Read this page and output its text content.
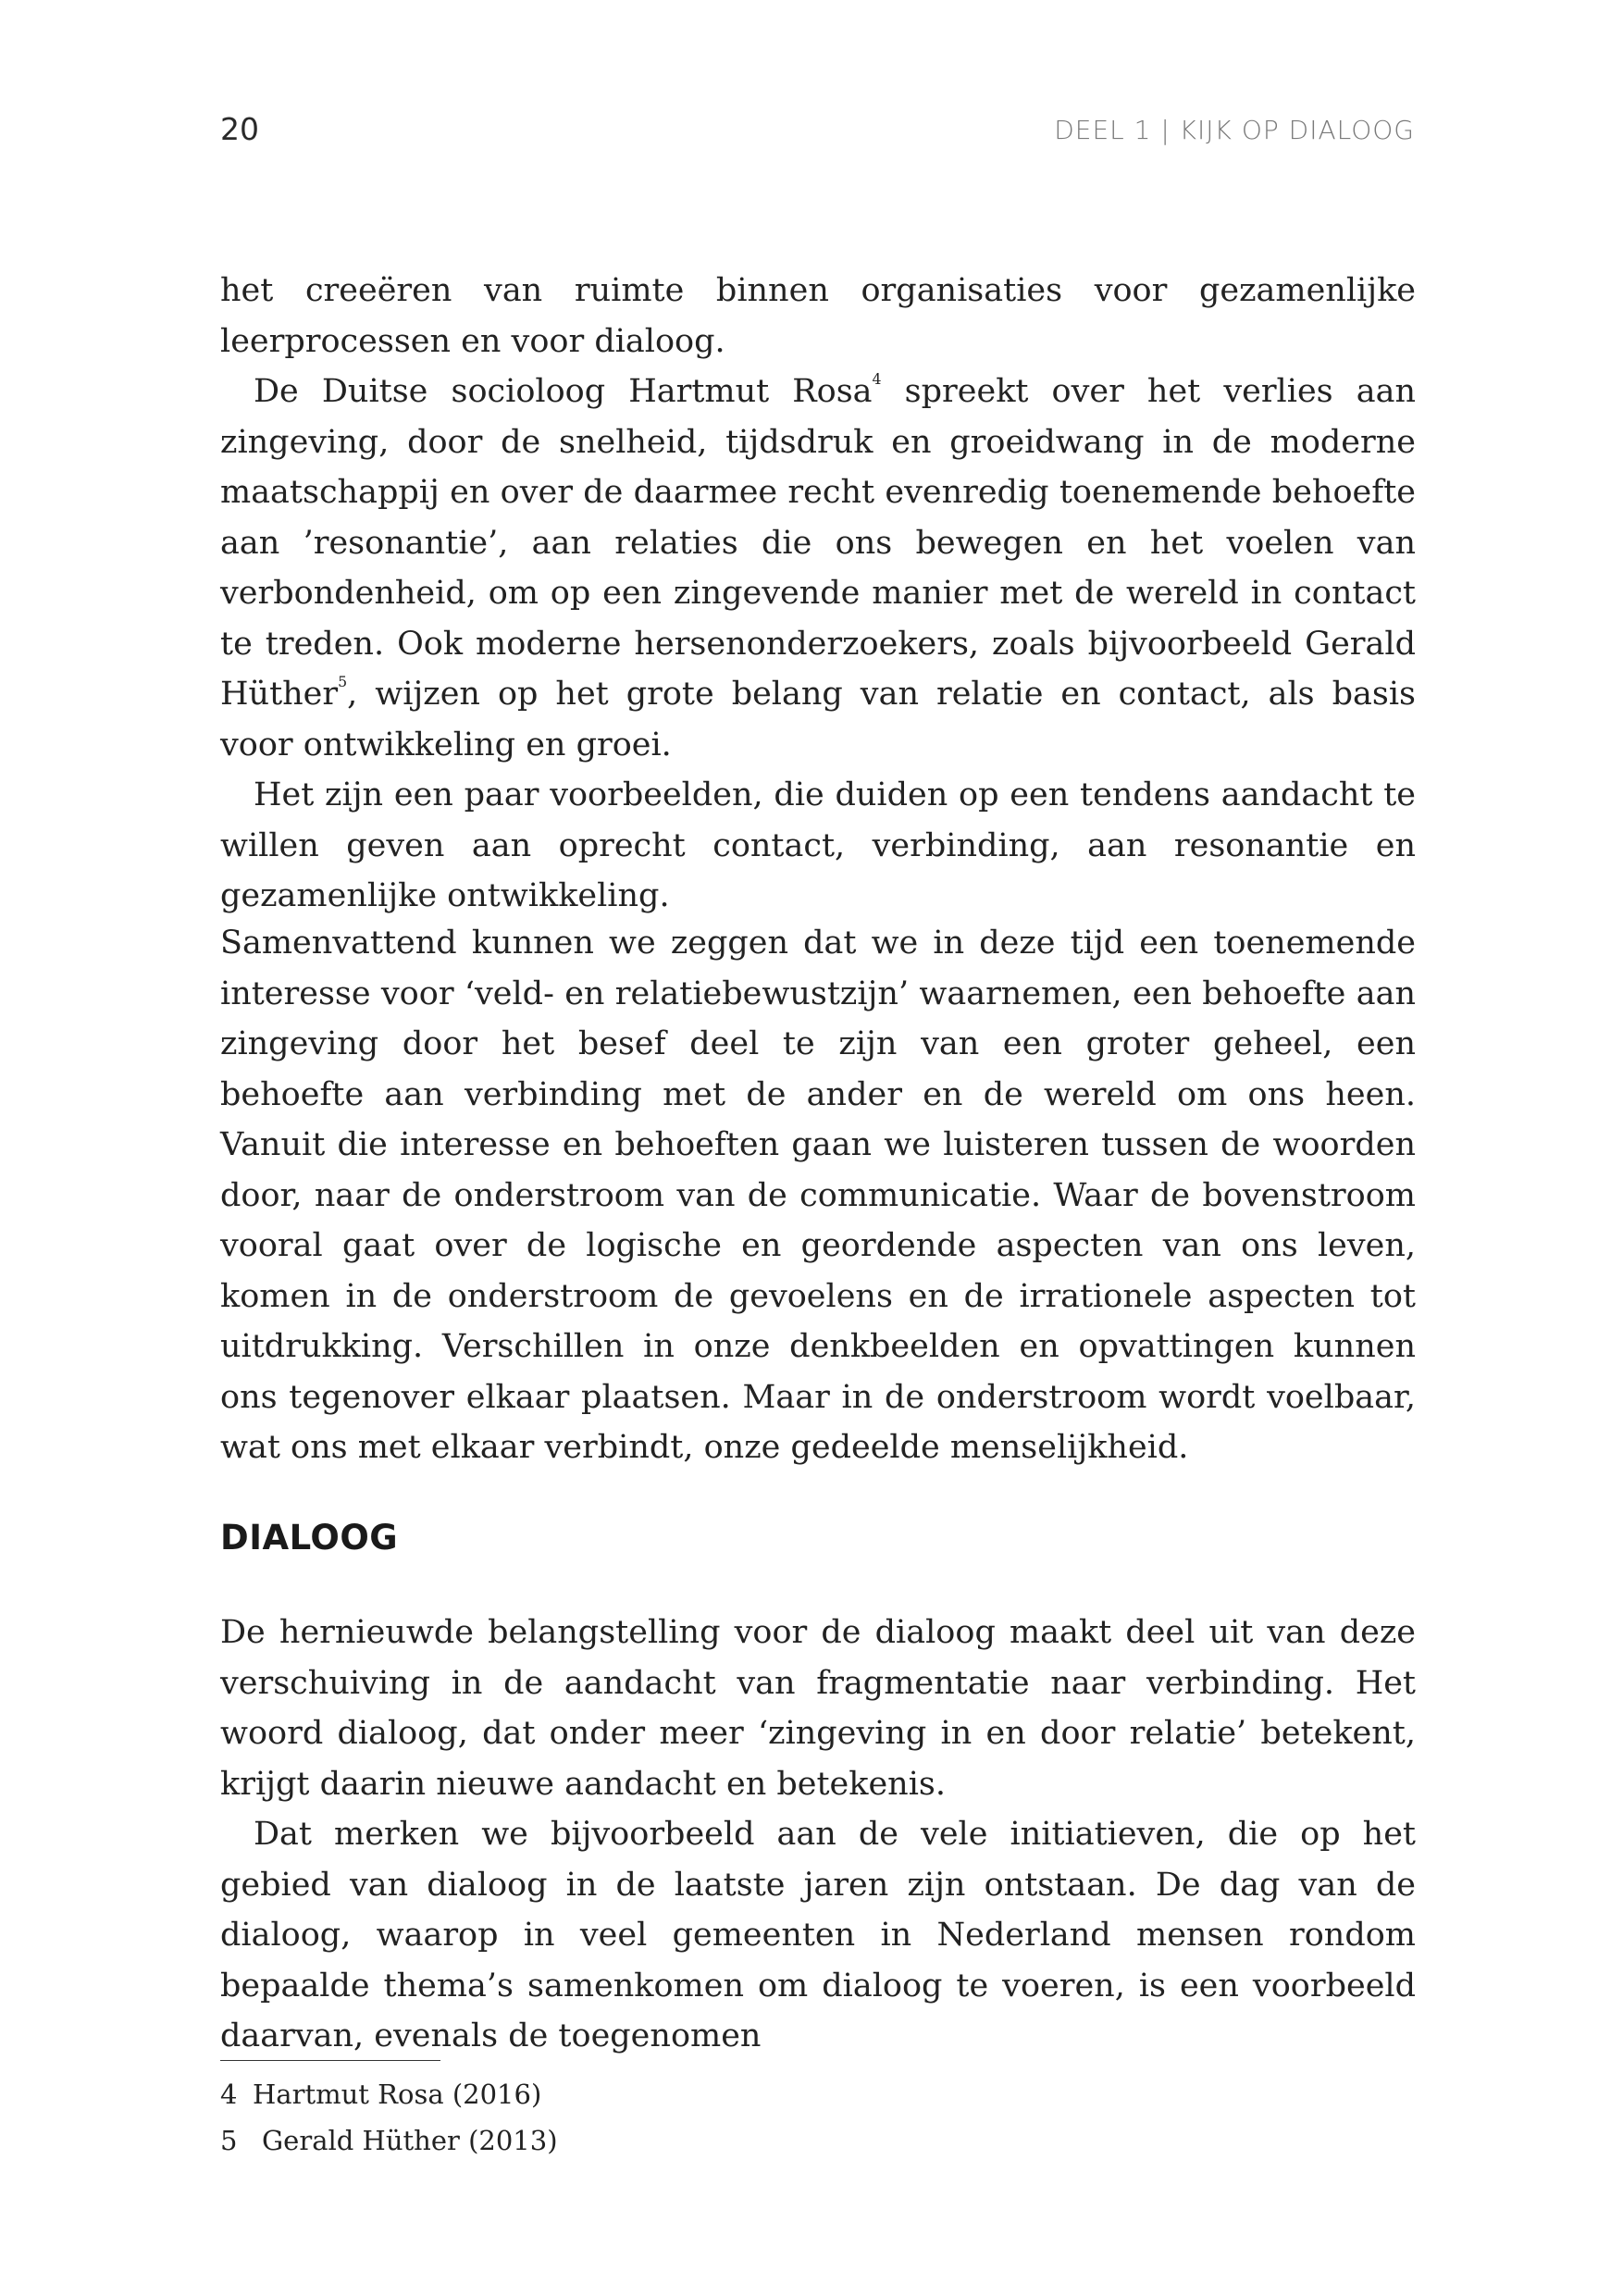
20	DEEL 1 | KIJK OP DIALOOG

het creeëren van ruimte binnen organisaties voor gezamenlijke leerprocessen en voor dialoog.

De Duitse socioloog Hartmut Rosa$^4$ spreekt over het verlies aan zingeving, door de snelheid, tijdsdruk en groeidwang in de moderne maatschappij en over de daarmee recht evenredig toenemende behoefte aan ’resonantie’, aan relaties die ons bewegen en het voelen van verbondenheid, om op een zingevende manier met de wereld in contact te treden. Ook moderne hersenonderzoekers, zoals bijvoorbeeld Gerald Hüther$^5$, wijzen op het grote belang van relatie en contact, als basis voor ontwikkeling en groei.

Het zijn een paar voorbeelden, die duiden op een tendens aandacht te willen geven aan oprecht contact, verbinding, aan resonantie en gezamenlijke ontwikkeling.

Samenvattend kunnen we zeggen dat we in deze tijd een toenemende interesse voor ‘veld- en relatiebewustzijn’ waarnemen, een behoefte aan zingeving door het besef deel te zijn van een groter geheel, een behoefte aan verbinding met de ander en de wereld om ons heen. Vanuit die interesse en behoeften gaan we luisteren tussen de woorden door, naar de onderstroom van de communicatie. Waar de bovenstroom vooral gaat over de logische en geordende aspecten van ons leven, komen in de onderstroom de gevoelens en de irrationele aspecten tot uitdrukking. Verschillen in onze denkbeelden en opvattingen kunnen ons tegenover elkaar plaatsen. Maar in de onderstroom wordt voelbaar, wat ons met elkaar verbindt, onze gedeelde menselijkheid.

DIALOOG

De hernieuwde belangstelling voor de dialoog maakt deel uit van deze verschuiving in de aandacht van fragmentatie naar verbinding. Het woord dialoog, dat onder meer ‘zingeving in en door relatie’ betekent, krijgt daarin nieuwe aandacht en betekenis.

Dat merken we bijvoorbeeld aan de vele initiatieven, die op het gebied van dialoog in de laatste jaren zijn ontstaan. De dag van de dialoog, waarop in veel gemeenten in Nederland mensen rondom bepaalde thema’s samenkomen om dialoog te voeren, is een voorbeeld daarvan, evenals de toegenomen

4 Hartmut Rosa (2016)
5 Gerald Hüther (2013)
